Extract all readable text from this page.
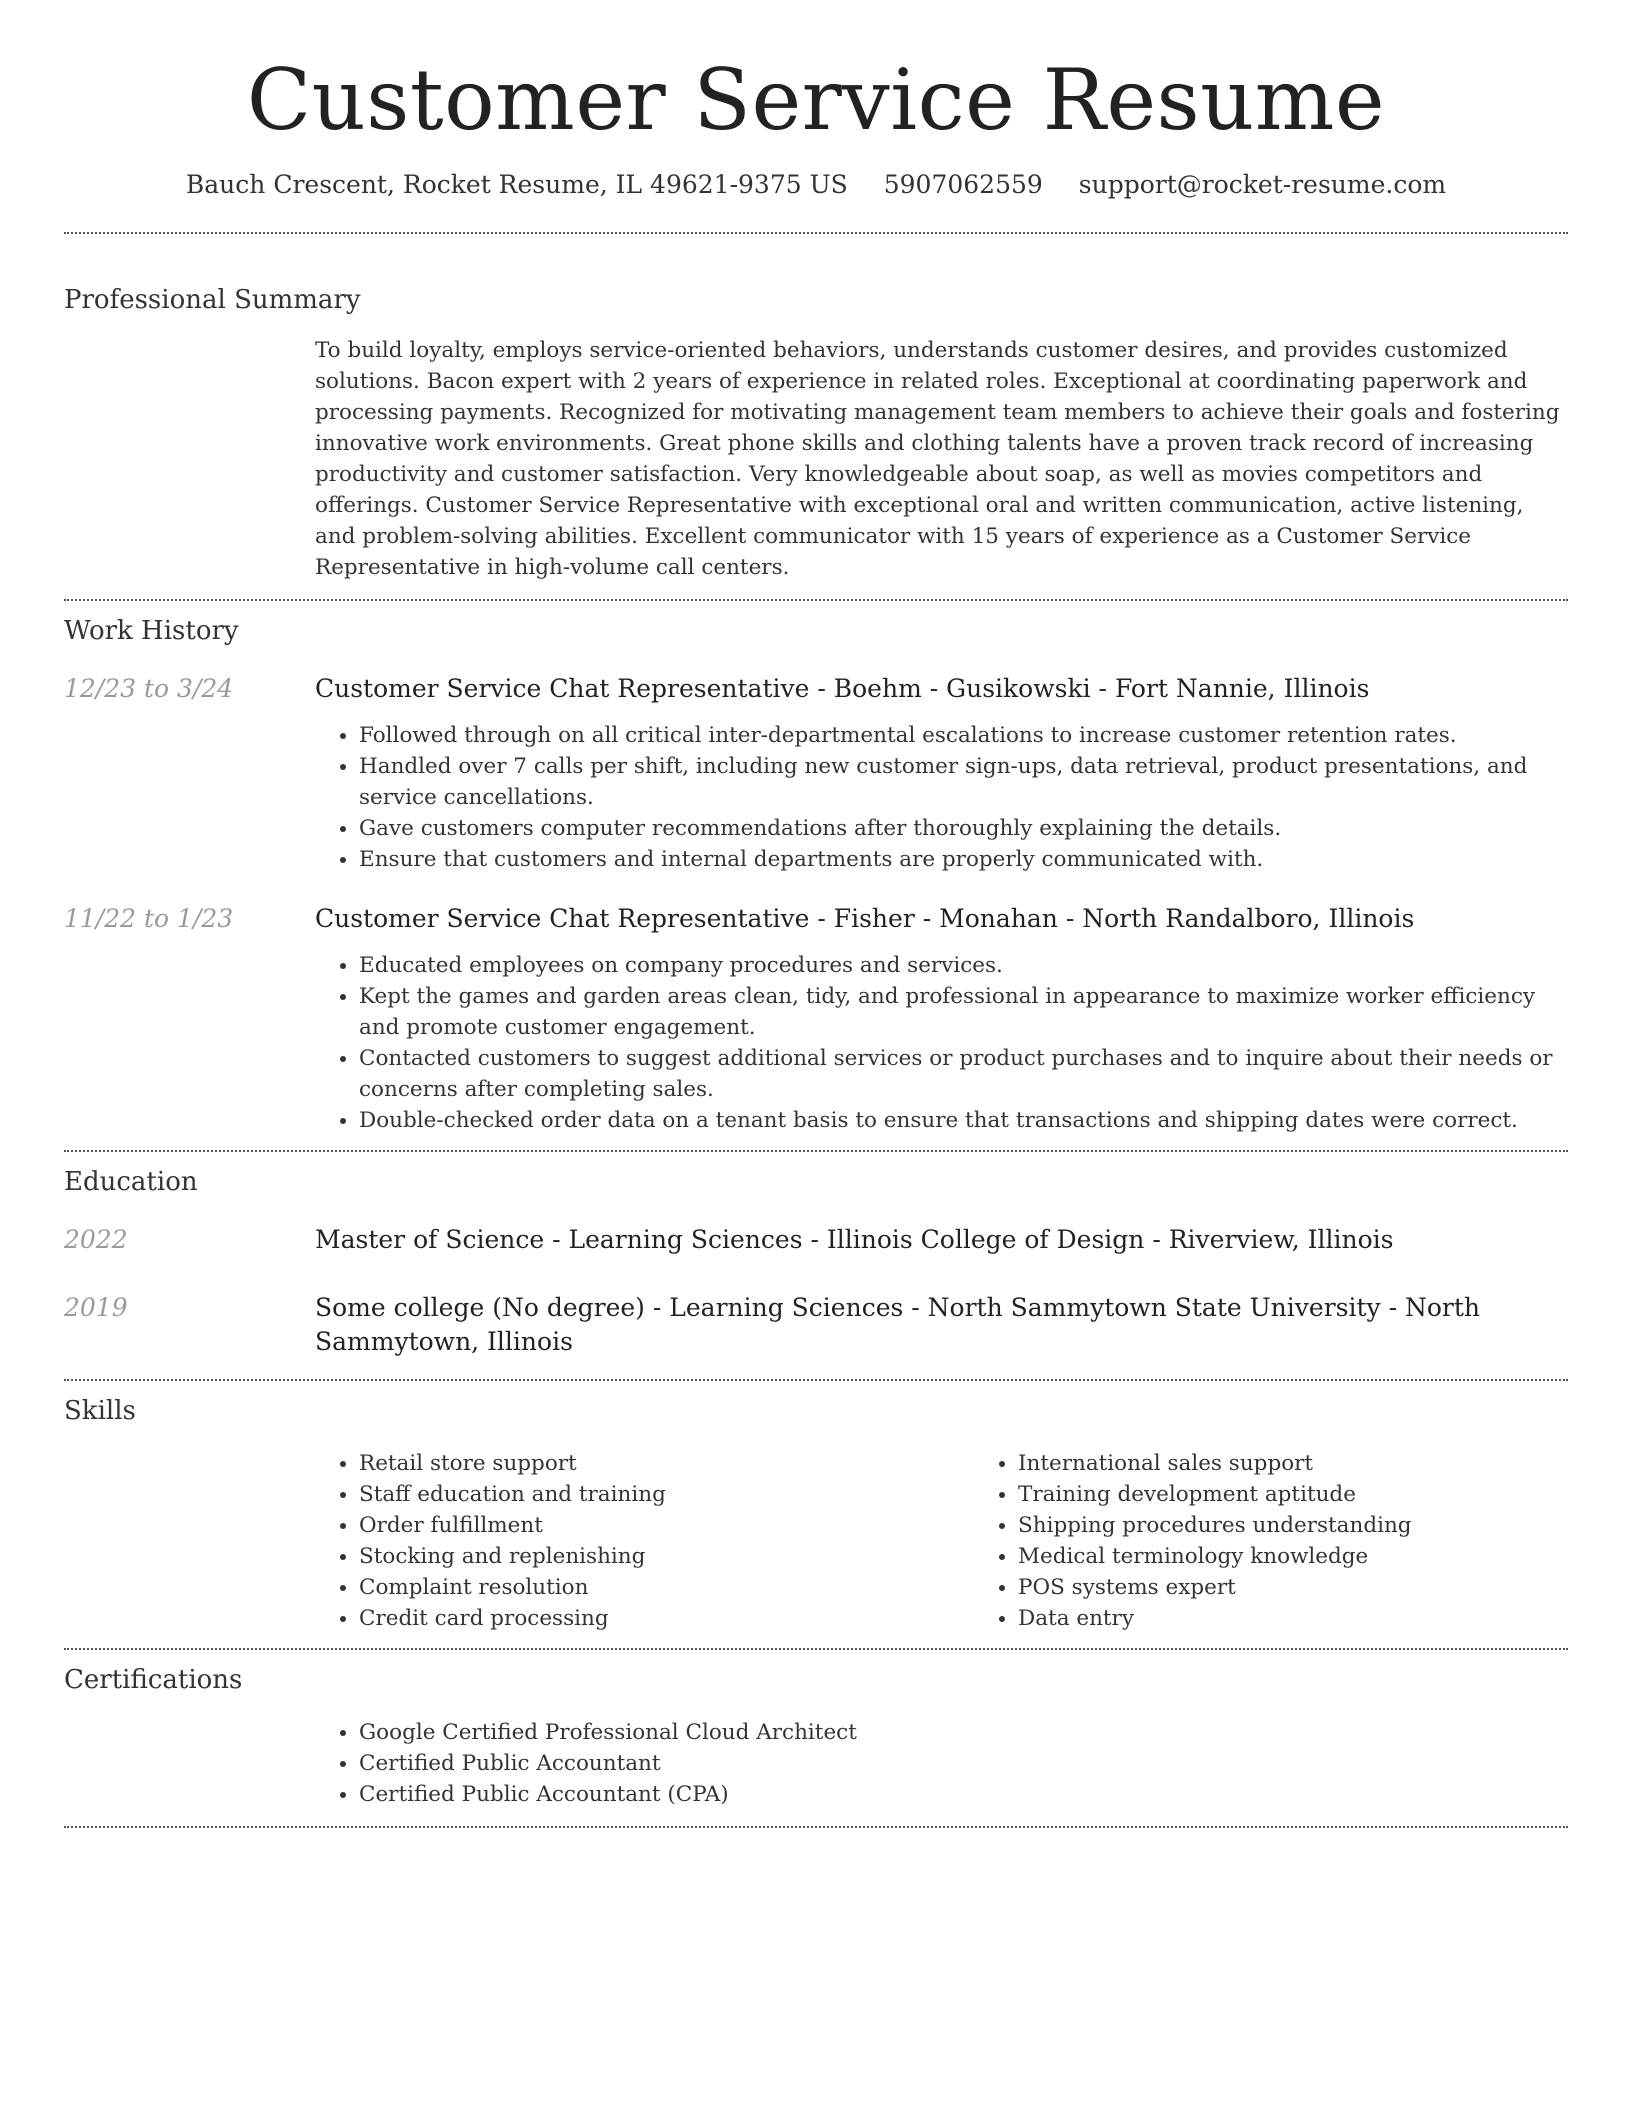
Customer Service Resume
Bauch Crescent, Rocket Resume, IL 49621-9375 US 5907062559 support@rocket-resume.com
Professional Summary

To build loyalty, employs service-oriented behaviors, understands customer desires, and provides customized solutions. Bacon expert with 2 years of experience in related roles. Exceptional at coordinating paperwork and processing payments. Recognized for motivating management team members to achieve their goals and fostering innovative work environments. Great phone skills and clothing talents have a proven track record of increasing productivity and customer satisfaction. Very knowledgeable about soap, as well as movies competitors and offerings. Customer Service Representative with exceptional oral and written communication, active listening, and problem-solving abilities. Excellent communicator with 15 years of experience as a Customer Service Representative in high-volume call centers.

Work History
12/23 to 3/24	Customer Service Chat Representative - Boehm - Gusikowski - Fort Nannie, Illinois
• Followed through on all critical inter-departmental escalations to increase customer retention rates.
• Handled over 7 calls per shift, including new customer sign-ups, data retrieval, product presentations, and service cancellations.
• Gave customers computer recommendations after thoroughly explaining the details.
• Ensure that customers and internal departments are properly communicated with.
11/22 to 1/23	Customer Service Chat Representative - Fisher - Monahan - North Randalboro, Illinois
• Educated employees on company procedures and services.
• Kept the games and garden areas clean, tidy, and professional in appearance to maximize worker efficiency and promote customer engagement.
• Contacted customers to suggest additional services or product purchases and to inquire about their needs or concerns after completing sales.
• Double-checked order data on a tenant basis to ensure that transactions and shipping dates were correct.
Education
2022	Master of Science - Learning Sciences - Illinois College of Design - Riverview, Illinois
2019	Some college (No degree) - Learning Sciences - North Sammytown State University - North Sammytown, Illinois
Skills
• Retail store support
• Staff education and training
• Order fulfillment
• Stocking and replenishing
• Complaint resolution
• Credit card processing
• International sales support
• Training development aptitude
• Shipping procedures understanding
• Medical terminology knowledge
• POS systems expert
• Data entry
Certifications
• Google Certified Professional Cloud Architect
• Certified Public Accountant
• Certified Public Accountant (CPA)
